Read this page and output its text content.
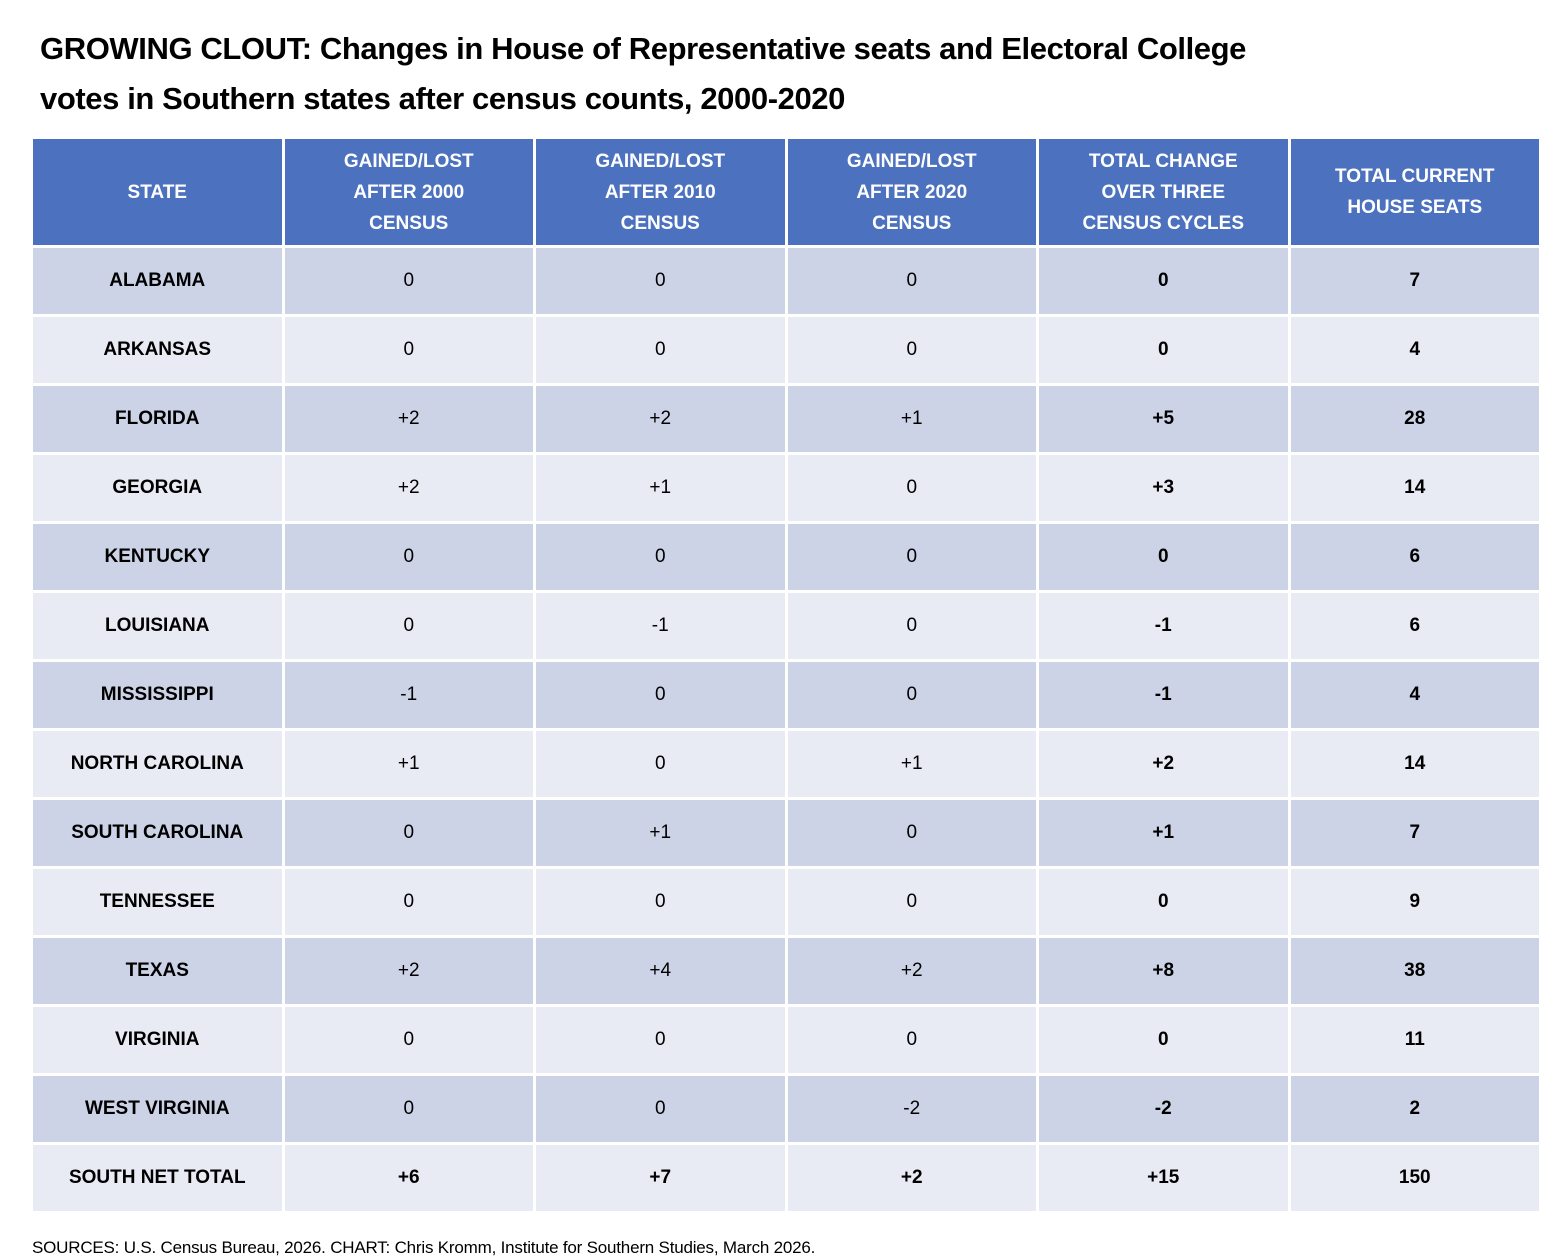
GROWING CLOUT: Changes in House of Representative seats and Electoral College
votes in Southern states after census counts, 2000-2020
STATE	GAINED/LOST AFTER 2000 CENSUS	GAINED/LOST AFTER 2010 CENSUS	GAINED/LOST AFTER 2020 CENSUS	TOTAL CHANGE OVER THREE CENSUS CYCLES	TOTAL CURRENT HOUSE SEATS
ALABAMA	0	0	0	0	7
ARKANSAS	0	0	0	0	4
FLORIDA	+2	+2	+1	+5	28
GEORGIA	+2	+1	0	+3	14
KENTUCKY	0	0	0	0	6
LOUISIANA	0	-1	0	-1	6
MISSISSIPPI	-1	0	0	-1	4
NORTH CAROLINA	+1	0	+1	+2	14
SOUTH CAROLINA	0	+1	0	+1	7
TENNESSEE	0	0	0	0	9
TEXAS	+2	+4	+2	+8	38
VIRGINIA	0	0	0	0	11
WEST VIRGINIA	0	0	-2	-2	2
SOUTH NET TOTAL	+6	+7	+2	+15	150
SOURCES: U.S. Census Bureau, 2026. CHART: Chris Kromm, Institute for Southern Studies, March 2026.
